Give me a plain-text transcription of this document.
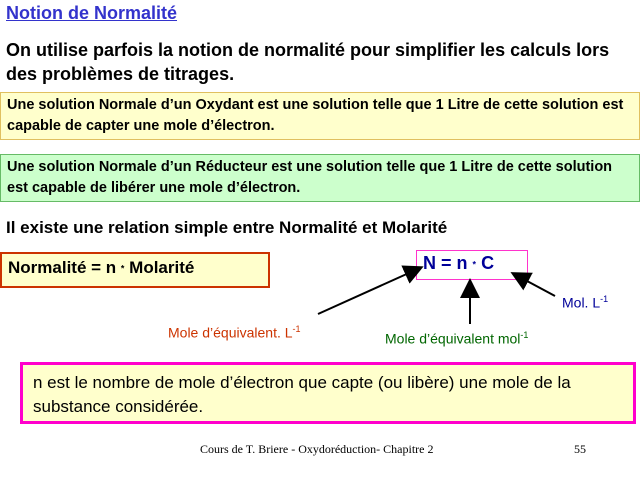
Notion de Normalité
On utilise parfois la notion de normalité pour simplifier les calculs lors des problèmes de titrages.
Une solution Normale d’un Oxydant est une solution telle que 1 Litre de cette solution est capable de capter une mole d’électron.
Une solution Normale d’un Réducteur est une solution telle que 1 Litre de cette solution est capable de libérer une mole d’électron.
Il existe une relation simple entre Normalité et Molarité
Normalité = n * Molarité	N = n * C
Mol. $L^{-1}$
Mole d’équivalent. $L^{-1}$
Mole d’équivalent mol$^{-1}$
n est le nombre de mole d’électron que capte (ou libère) une mole de la substance considérée.
Cours de T. Briere - Oxydoréduction- Chapitre 2	55
